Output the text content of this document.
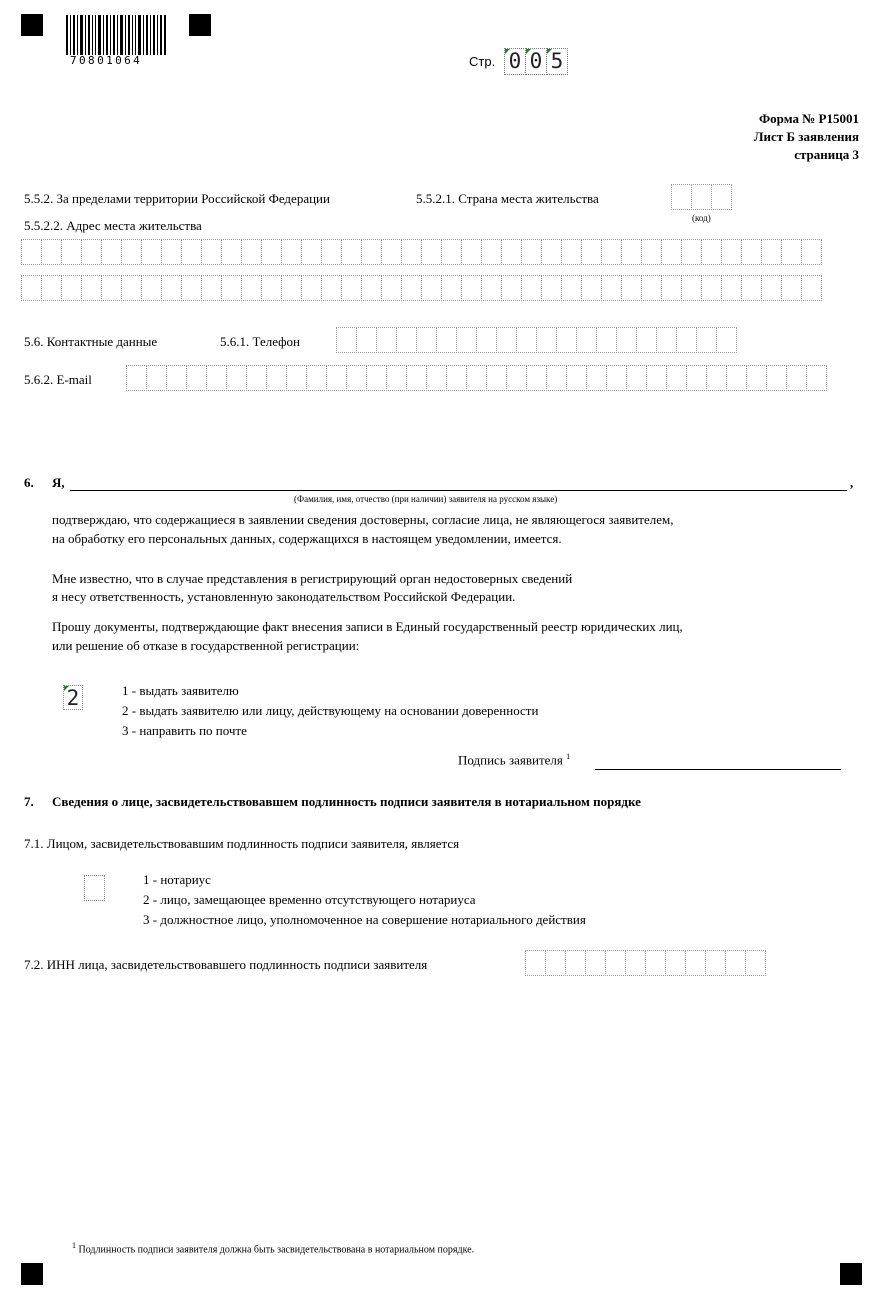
70801064	Стр. 0 0 5
Форма № Р15001
Лист Б заявления
страница 3
5.5.2. За пределами территории Российской Федерации	5.5.2.1. Страна места жительства
(код)
5.5.2.2. Адрес места жительства
5.6. Контактные данные	5.6.1. Телефон
5.6.2. E-mail
6. Я,	,
(Фамилия, имя, отчество (при наличии) заявителя на русском языке)
подтверждаю, что содержащиеся в заявлении сведения достоверны, согласие лица, не являющегося заявителем,
на обработку его персональных данных, содержащихся в настоящем уведомлении, имеется.
Мне известно, что в случае представления в регистрирующий орган недостоверных сведений
я несу ответственность, установленную законодательством Российской Федерации.
Прошу документы, подтверждающие факт внесения записи в Единый государственный реестр юридических лиц,
или решение об отказе в государственной регистрации:
2	1 - выдать заявителю
2 - выдать заявителю или лицу, действующему на основании доверенности
3 - направить по почте
Подпись заявителя $^1$
7. Сведения о лице, засвидетельствовавшем подлинность подписи заявителя в нотариальном порядке
7.1. Лицом, засвидетельствовавшим подлинность подписи заявителя, является
1 - нотариус
2 - лицо, замещающее временно отсутствующего нотариуса
3 - должностное лицо, уполномоченное на совершение нотариального действия
7.2. ИНН лица, засвидетельствовавшего подлинность подписи заявителя
$^1$ Подлинность подписи заявителя должна быть засвидетельствована в нотариальном порядке.
